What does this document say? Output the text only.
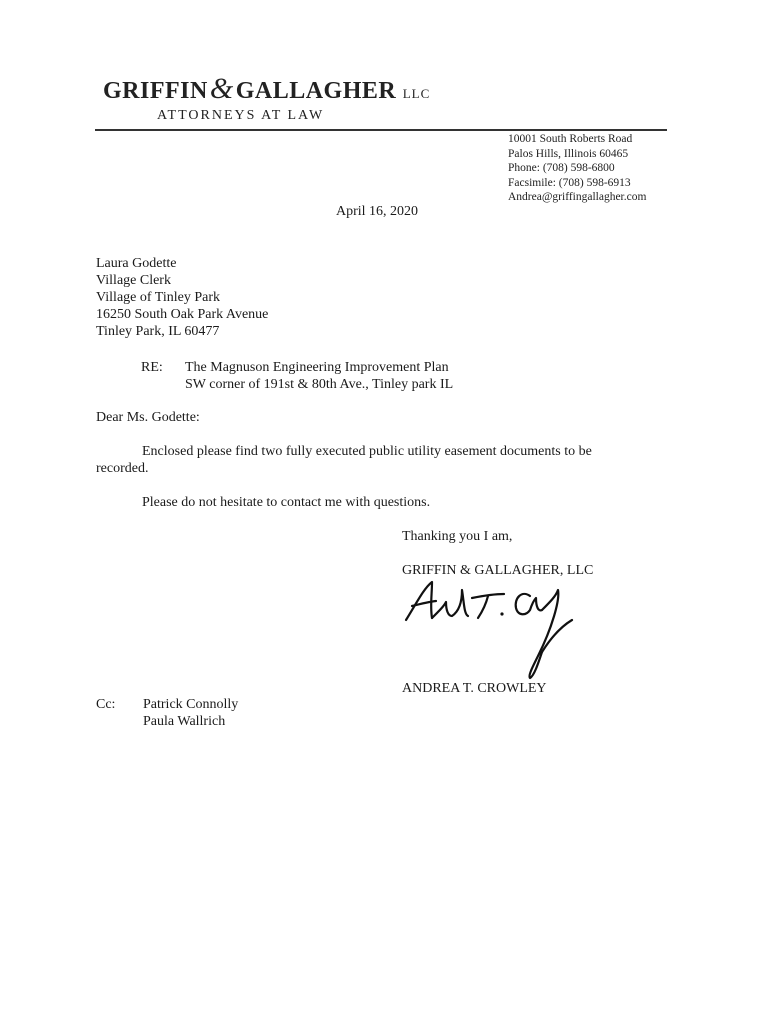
GRIFFIN&GALLAGHER LLC
ATTORNEYS AT LAW
10001 South Roberts Road
Palos Hills, Illinois 60465
Phone: (708) 598-6800
Facsimile: (708) 598-6913
Andrea@griffingallagher.com
April 16, 2020
Laura Godette
Village Clerk
Village of Tinley Park
16250 South Oak Park Avenue
Tinley Park, IL 60477
RE: The Magnuson Engineering Improvement Plan
SW corner of 191st & 80th Ave., Tinley park IL
Dear Ms. Godette:
Enclosed please find two fully executed public utility easement documents to be
recorded.
Please do not hesitate to contact me with questions.
Thanking you I am,
GRIFFIN & GALLAGHER, LLC
ANDREA T. CROWLEY
Cc: Patrick Connolly
Paula Wallrich
